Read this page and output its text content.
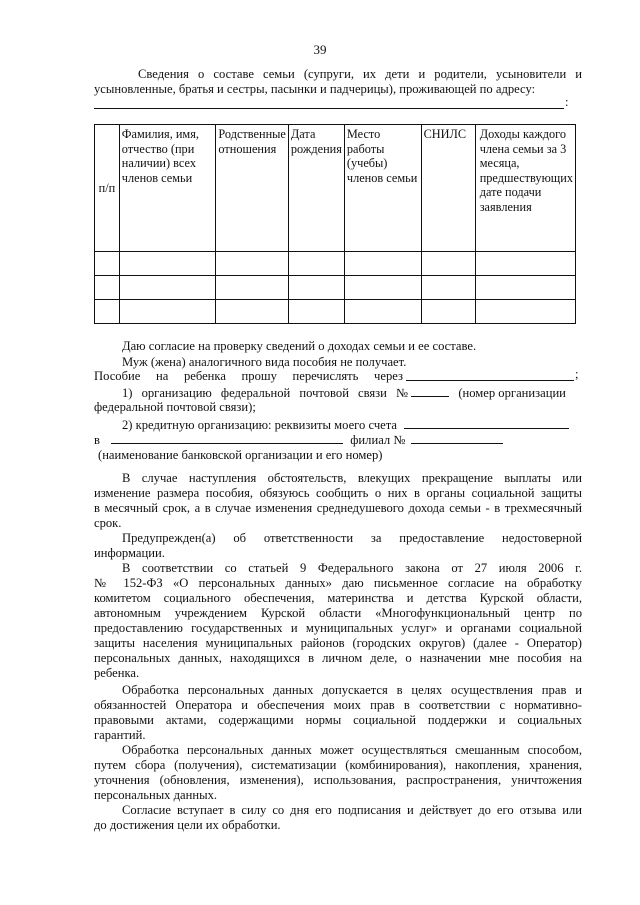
39
Сведения о составе семьи (супруги, их дети и родители, усыновители и
усыновленные, братья и сестры, пасынки и падчерицы), проживающей по адресу:
:
п/п	Фамилия, имя, отчество (при наличии) всех членов семьи	Родственные отношения	Дата рождения	Место работы (учебы) членов семьи	СНИЛС	Доходы каждого члена семьи за 3 месяца, предшествующих дате подачи заявления

Даю согласие на проверку сведений о доходах семьи и ее составе.
Муж (жена) аналогичного вида пособия не получает.
Пособие на ребенка прошу перечислять через	;
1) организацию федеральной почтовой связи №	(номер организации
федеральной почтовой связи);
2) кредитную организацию: реквизиты моего счета
в	филиал №
(наименование банковской организации и его номер)
В случае наступления обстоятельств, влекущих прекращение выплаты или
изменение размера пособия, обязуюсь сообщить о них в органы социальной защиты
в месячный срок, а в случае изменения среднедушевого дохода семьи - в трехмесячный
срок.
Предупрежден(а) об ответственности за предоставление недостоверной
информации.
В соответствии со статьей 9 Федерального закона от 27 июля 2006 г.
№ 152-ФЗ «О персональных данных» даю письменное согласие на обработку
комитетом социального обеспечения, материнства и детства Курской области,
автономным учреждением Курской области «Многофункциональный центр по
предоставлению государственных и муниципальных услуг» и органами социальной
защиты населения муниципальных районов (городских округов) (далее - Оператор)
персональных данных, находящихся в личном деле, о назначении мне пособия на
ребенка.
Обработка персональных данных допускается в целях осуществления прав и
обязанностей Оператора и обеспечения моих прав в соответствии с нормативно-
правовыми актами, содержащими нормы социальной поддержки и социальных
гарантий.
Обработка персональных данных может осуществляться смешанным способом,
путем сбора (получения), систематизации (комбинирования), накопления, хранения,
уточнения (обновления, изменения), использования, распространения, уничтожения
персональных данных.
Согласие вступает в силу со дня его подписания и действует до его отзыва или
до достижения цели их обработки.
